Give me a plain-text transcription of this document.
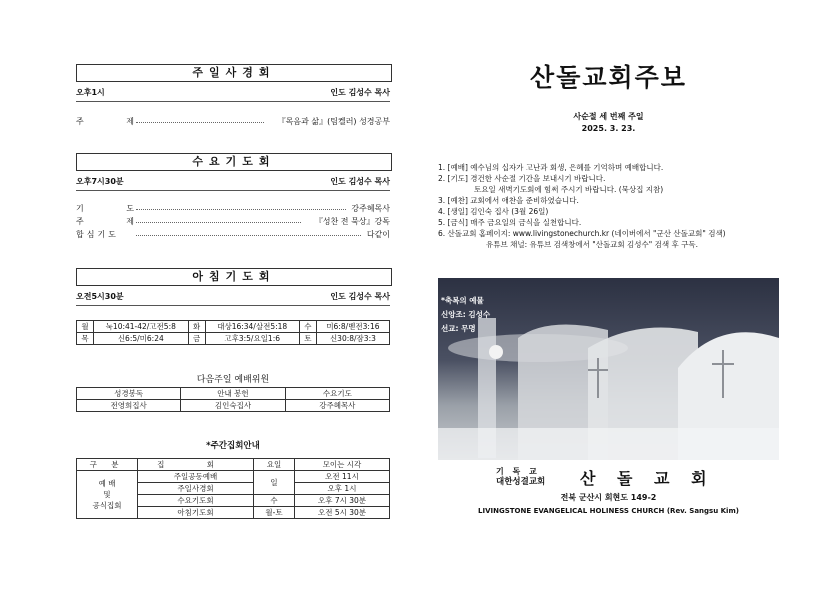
주일사경회
오후1시	인도 김성수 목사
주 제	『목음과 삶』(팀켈러) 성경공부
수요기도회
오후7시30분	인도 김성수 목사
기 도	강주혜목사
주 제	『성찬 전 묵상』강독
합심기도	다같이
아침기도회
오전5시30분	인도 김성수 목사
월	눅10:41-42/고전5:8	화	대상16:34/살전5:18	수	미6:8/벧전3:16
목	신6:5/미6:24	금	고후3:5/요일1:6	토	신30:8/잠3:3
다음주일 예배위원
성경봉독	안내 봉헌	수요기도
전영희집사	김인숙집사	강주혜목사
*주간집회안내
구 분	집 회	요일	모이는 시각

예 배
및
공식집회	주일공동예배	일	오전 11시
	주일사경회		오후 1시
	수요기도회	수	오후 7시 30분
	아침기도회	월-토	오전 5시 30분
산돌교회주보
사순절 세 번째 주일
2025. 3. 23.
1. [예배] 예수님의 십자가 고난과 회생, 은혜를 기억하며 예배합니다.
2. [기도] 경건한 사순절 기간을 보내시기 바랍니다.
토요일 새벽기도회에 힘써 주시기 바랍니다. (묵상집 지참)
3. [예찬] 교회에서 애찬을 준비하였습니다.
4. [생일] 김인숙 집사 (3월 26일)
5. [금식] 매주 금요일의 금식을 실천합니다.
6. 산돌교회 홈페이지: www.livingstonechurch.kr (네이버에서 "군산 산돌교회" 검색)
유튜브 채널: 유튜브 검색창에서 "산돌교회 김성수" 검색 후 구독.
*축복의 예물
신앙조: 김성수
선교: 무명
기 독 교
대한성결교회 산 돌 교 회
전북 군산시 회현도 149-2
LIVINGSTONE EVANGELICAL HOLINESS CHURCH (Rev. Sangsu Kim)
